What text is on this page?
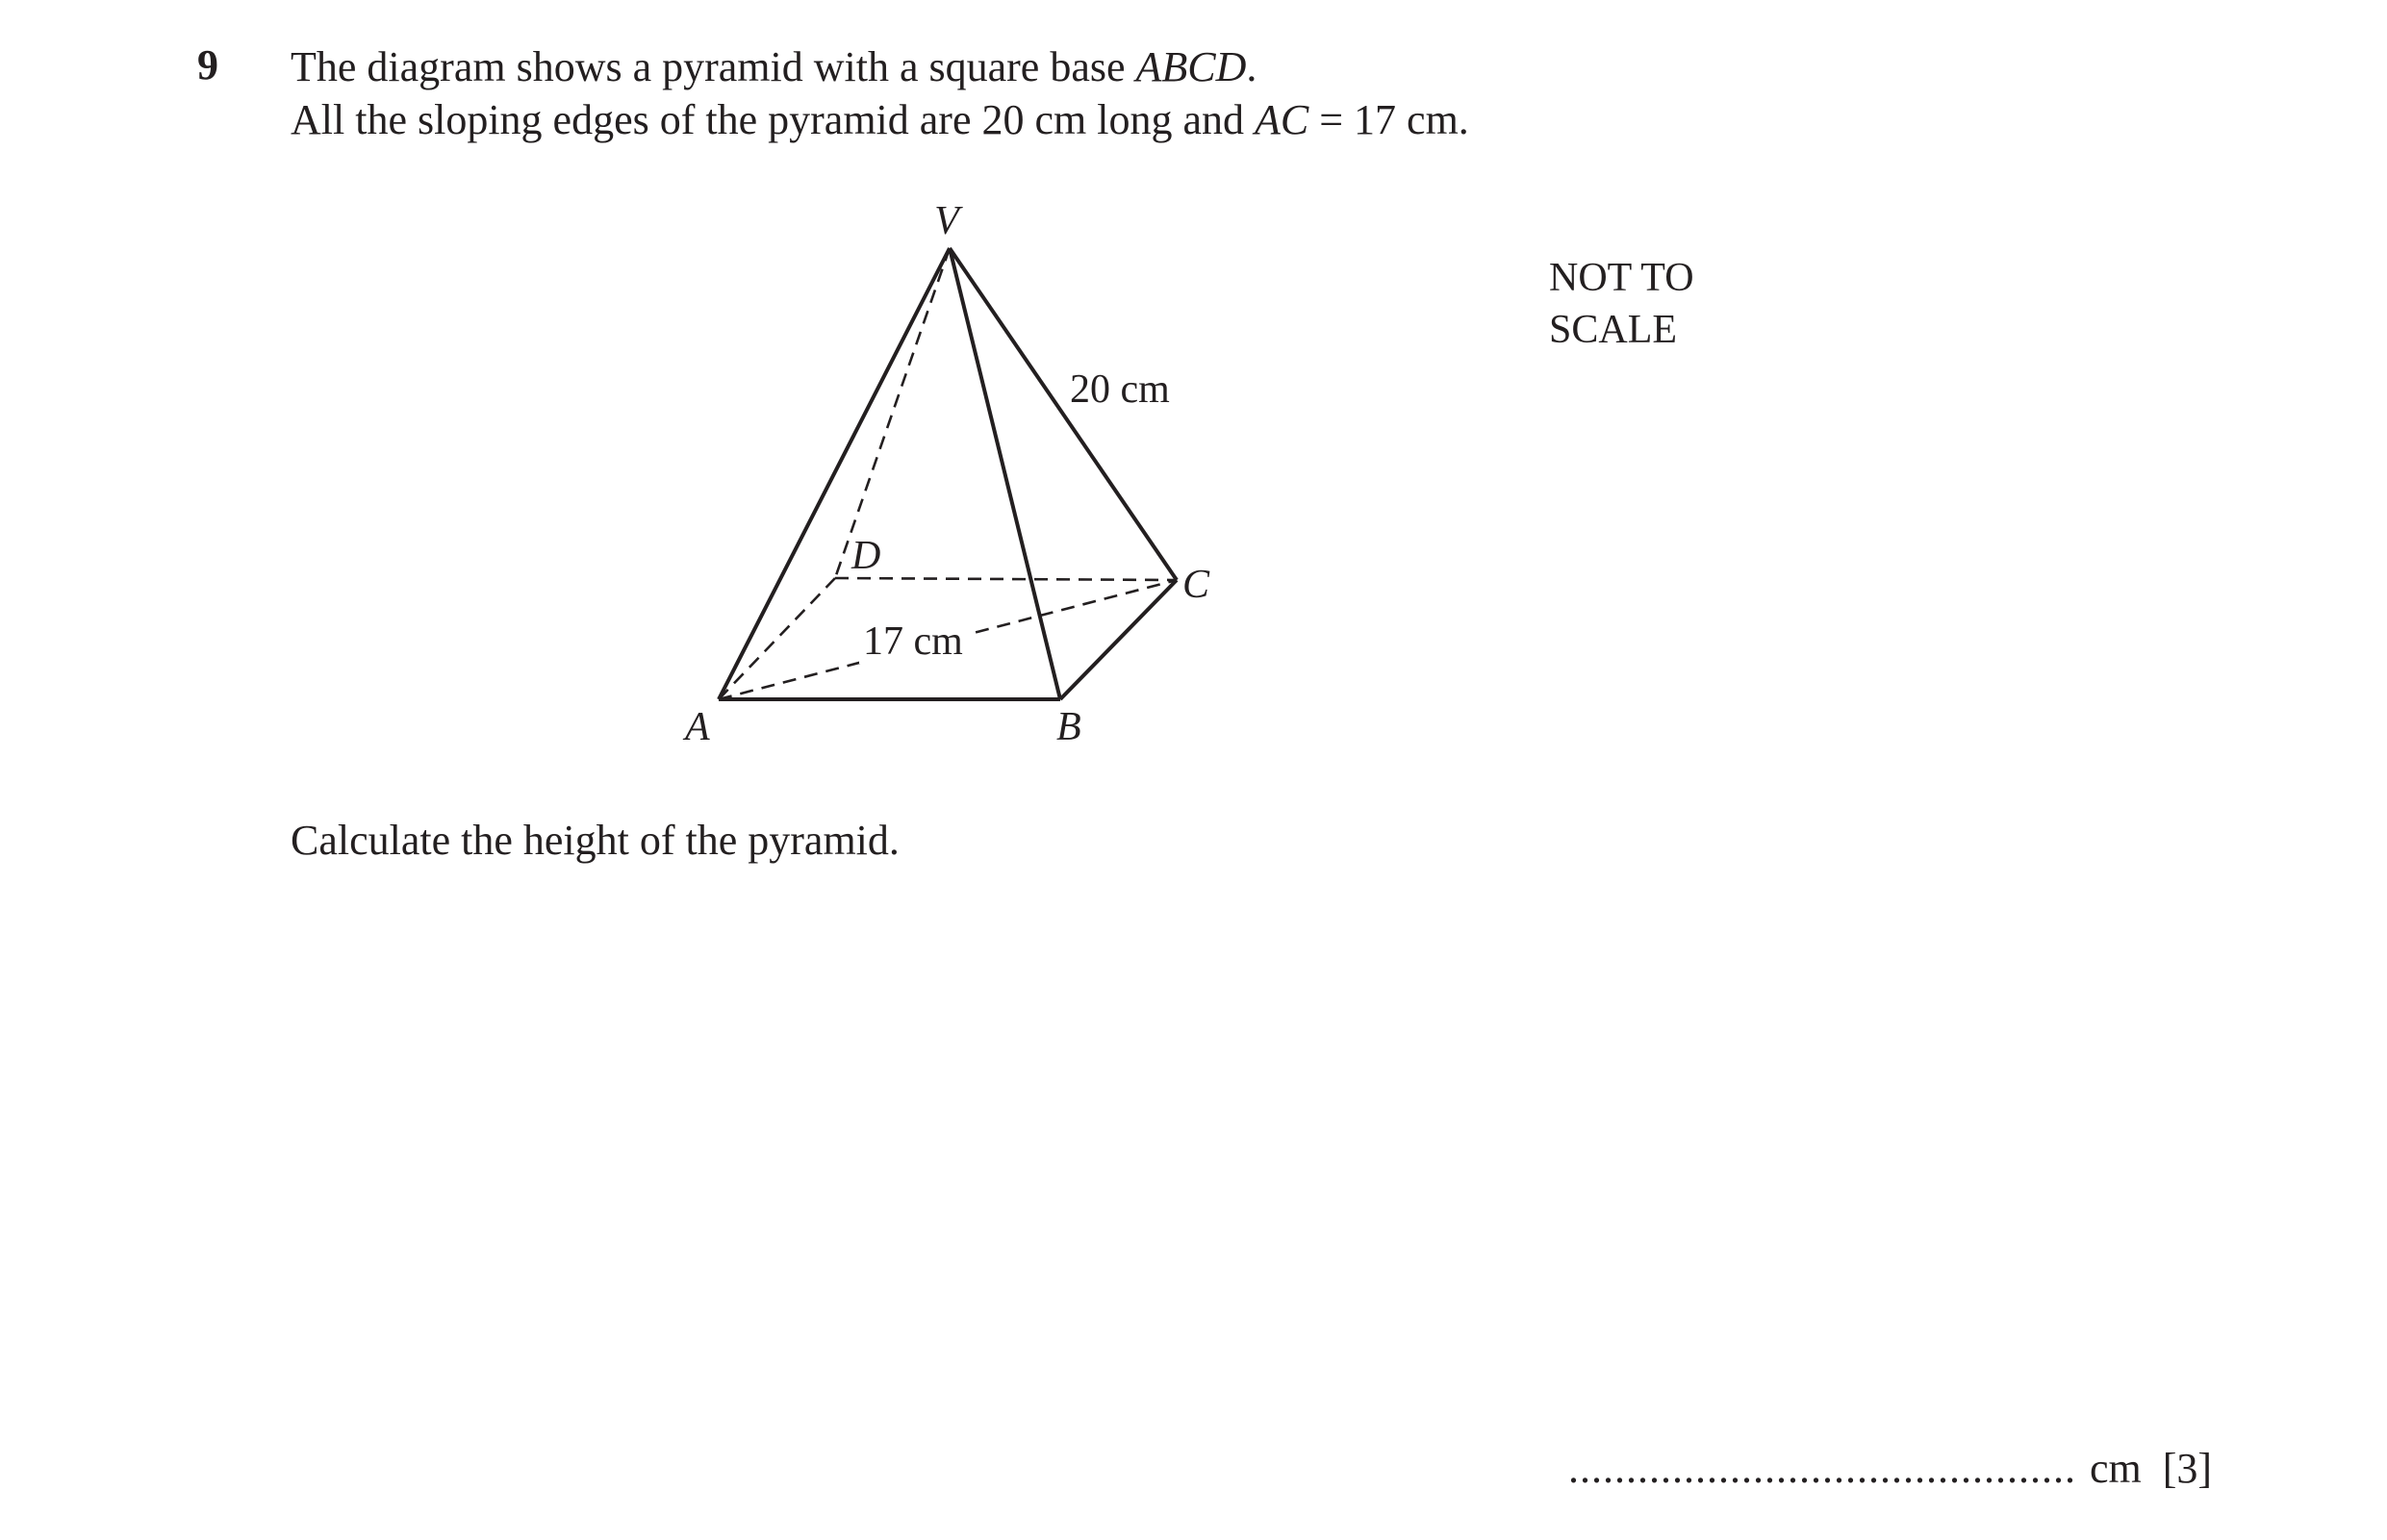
9 The diagram shows a pyramid with a square base ABCD.
All the sloping edges of the pyramid are 20 cm long and AC = 17 cm.
V
D
C
A	B
20 cm
17 cm
NOT TO
SCALE
Calculate the height of the pyramid.
............................................ cm [3]
